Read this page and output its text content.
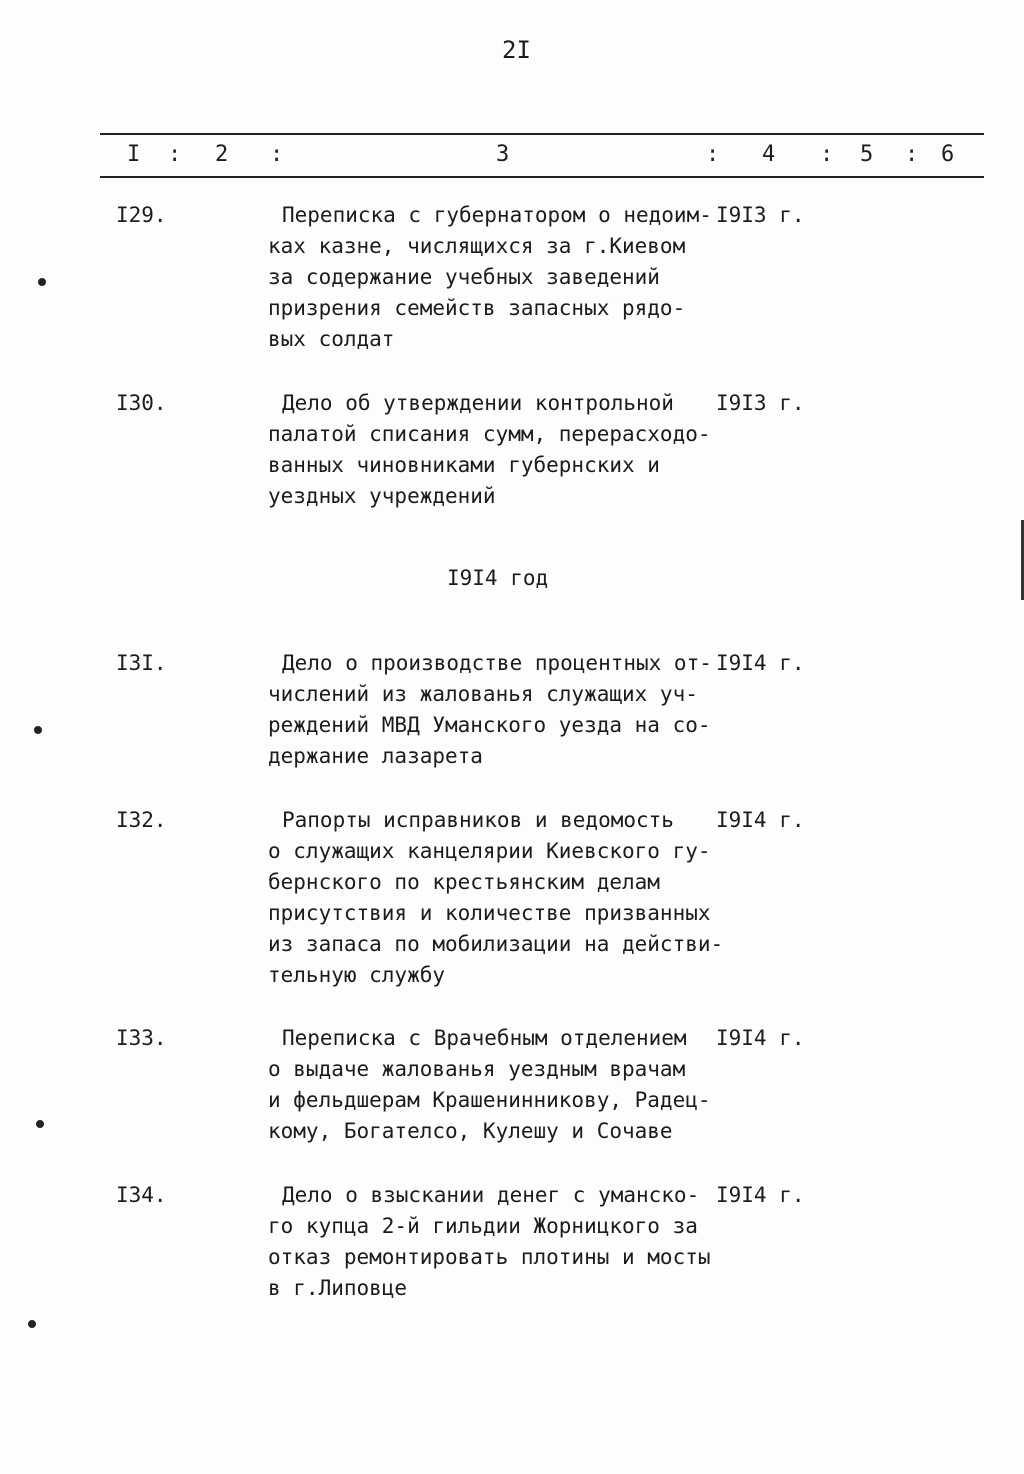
2I
I : 2 :	3	: 4 : 5 : 6
I29.	Переписка с губернатором о недоим-
ках казне, числящихся за г.Киевом
за содержание учебных заведений
призрения семейств запасных рядо-
вых солдат
I9I3 г.
I30.	Дело об утверждении контрольной
палатой списания сумм, перерасходо-
ванных чиновниками губернских и
уездных учреждений
I9I3 г.
I9I4 год
I3I.	Дело о производстве процентных от-
числений из жалованья служащих уч-
реждений МВД Уманского уезда на со-
держание лазарета
I9I4 г.
I32.	Рапорты исправников и ведомость
о служащих канцелярии Киевского гу-
бернского по крестьянским делам
присутствия и количестве призванных
из запаса по мобилизации на действи-
тельную службу
I9I4 г.
I33.	Переписка с Врачебным отделением
о выдаче жалованья уездным врачам
и фельдшерам Крашенинникову, Радец-
кому, Богателсо, Кулешу и Сочаве
I9I4 г.
I34.	Дело о взыскании денег с уманско-
го купца 2-й гильдии Жорницкого за
отказ ремонтировать плотины и мосты
в г.Липовце
I9I4 г.
